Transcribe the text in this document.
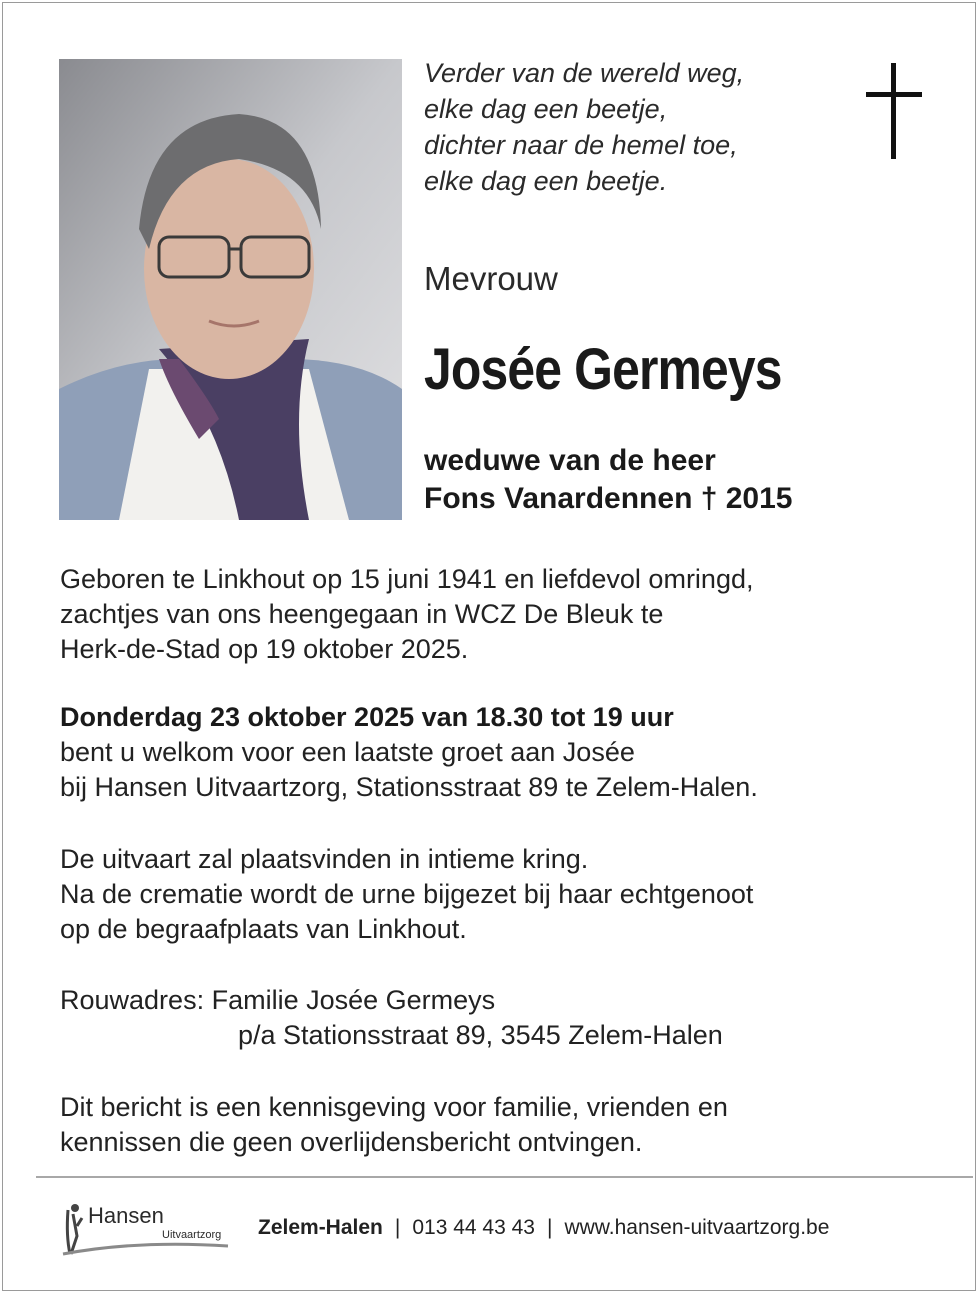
Verder van de wereld weg,
elke dag een beetje,
dichter naar de hemel toe,
elke dag een beetje.
Mevrouw
Josée Germeys
weduwe van de heer
Fons Vanardennen † 2015
Geboren te Linkhout op 15 juni 1941 en liefdevol omringd,
zachtjes van ons heengegaan in WCZ De Bleuk te
Herk-de-Stad op 19 oktober 2025.
Donderdag 23 oktober 2025 van 18.30 tot 19 uur
bent u welkom voor een laatste groet aan Josée
bij Hansen Uitvaartzorg, Stationsstraat 89 te Zelem-Halen.
De uitvaart zal plaatsvinden in intieme kring.
Na de crematie wordt de urne bijgezet bij haar echtgenoot
op de begraafplaats van Linkhout.
Rouwadres: Familie Josée Germeys
p/a Stationsstraat 89, 3545 Zelem-Halen
Dit bericht is een kennisgeving voor familie, vrienden en
kennissen die geen overlijdensbericht ontvingen.
Hansen
Uitvaartzorg Zelem-Halen | 013 44 43 43 | www.hansen-uitvaartzorg.be
